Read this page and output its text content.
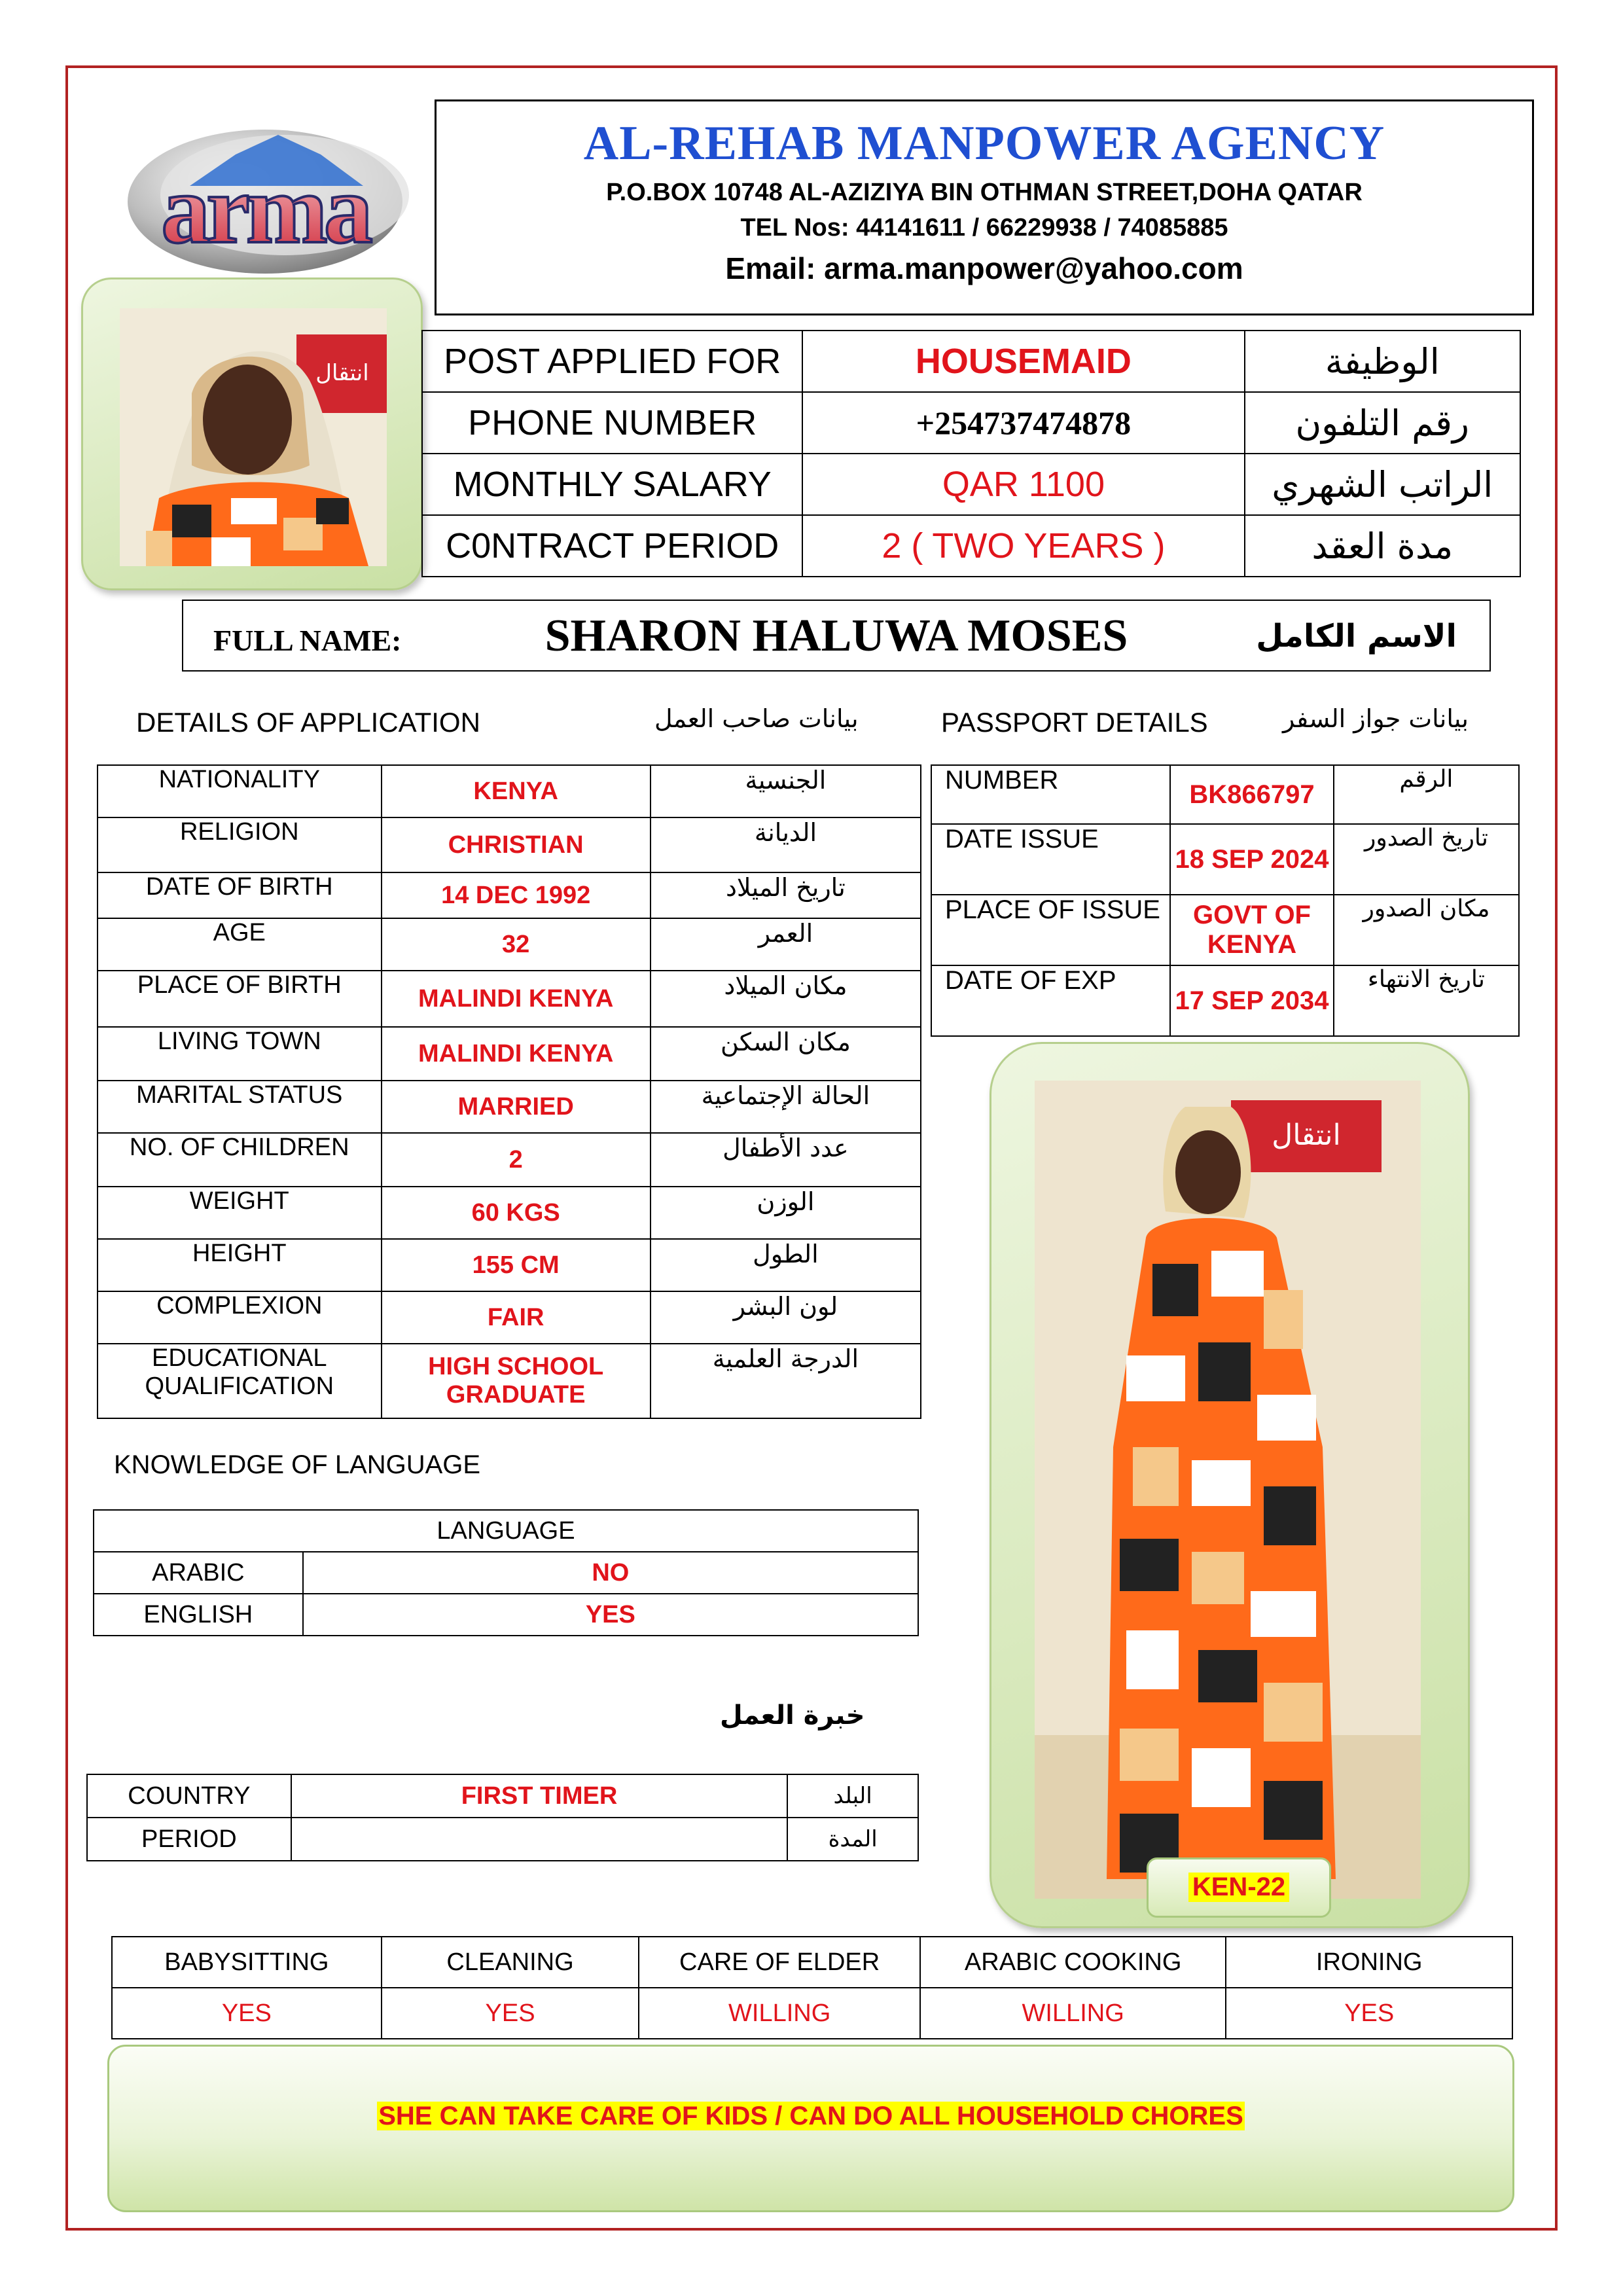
arma
AL-REHAB MANPOWER AGENCY
P.O.BOX 10748 AL-AZIZIYA BIN OTHMAN STREET,DOHA QATAR
TEL Nos: 44141611 / 66229938 / 74085885
Email: arma.manpower@yahoo.com
انتقال POST APPLIED FOR	HOUSEMAID	الوظيفة
PHONE NUMBER	+254737474878	رقم التلفون
MONTHLY SALARY	QAR 1100	الراتب الشهري
C0NTRACT PERIOD	2 ( TWO YEARS )	مدة العقد
FULL NAME:	SHARON HALUWA MOSES	الاسم الكامل
DETAILS OF APPLICATION	بيانات صاحب العمل	PASSPORT DETAILS	بيانات جواز السفر
NATIONALITY	KENYA	الجنسية
RELIGION	CHRISTIAN	الديانة
DATE OF BIRTH	14 DEC 1992	تاريخ الميلاد
AGE	32	العمر
PLACE OF BIRTH	MALINDI KENYA	مكان الميلاد
LIVING TOWN	MALINDI KENYA	مكان السكن
MARITAL STATUS	MARRIED	الحالة الإجتماعية
NO. OF CHILDREN	2	عدد الأطفال
WEIGHT	60 KGS	الوزن
HEIGHT	155 CM	الطول
COMPLEXION	FAIR	لون البشر
EDUCATIONAL QUALIFICATION	HIGH SCHOOL GRADUATE	الدرجة العلمية
NUMBER	BK866797	الرقم
DATE ISSUE	18 SEP 2024	تاريخ الصدور
PLACE OF ISSUE	GOVT OF KENYA	مكان الصدور
DATE OF EXP	17 SEP 2034	تاريخ الانتهاء
انتقال
KEN-22
KNOWLEDGE OF LANGUAGE
LANGUAGE	
ARABIC	NO
ENGLISH	YES
خبرة العمل
COUNTRY	FIRST TIMER	البلد
PERIOD		المدة
BABYSITTING	CLEANING	CARE OF ELDER	ARABIC COOKING	IRONING
YES	YES	WILLING	WILLING	YES
SHE CAN TAKE CARE OF KIDS / CAN DO ALL HOUSEHOLD CHORES
